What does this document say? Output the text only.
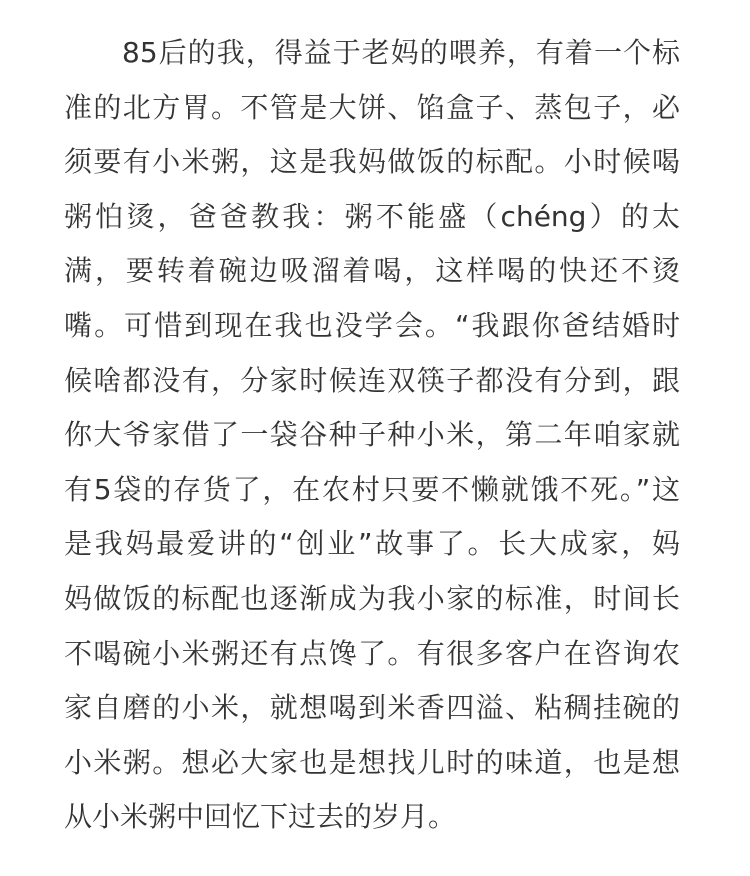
85后的我，得益于老妈的喂养，有着一个标
准的北方胃。不管是大饼、馅盒子、蒸包子，必
须要有小米粥，这是我妈做饭的标配。小时候喝
粥怕烫，爸爸教我：粥不能盛（chéng）的太
满，要转着碗边吸溜着喝，这样喝的快还不烫
嘴。可惜到现在我也没学会。“我跟你爸结婚时
候啥都没有，分家时候连双筷子都没有分到，跟
你大爷家借了一袋谷种子种小米，第二年咱家就
有5袋的存货了，在农村只要不懒就饿不死。”这
是我妈最爱讲的“创业”故事了。长大成家，妈
妈做饭的标配也逐渐成为我小家的标准，时间长
不喝碗小米粥还有点馋了。有很多客户在咨询农
家自磨的小米，就想喝到米香四溢、粘稠挂碗的
小米粥。想必大家也是想找儿时的味道，也是想
从小米粥中回忆下过去的岁月。
